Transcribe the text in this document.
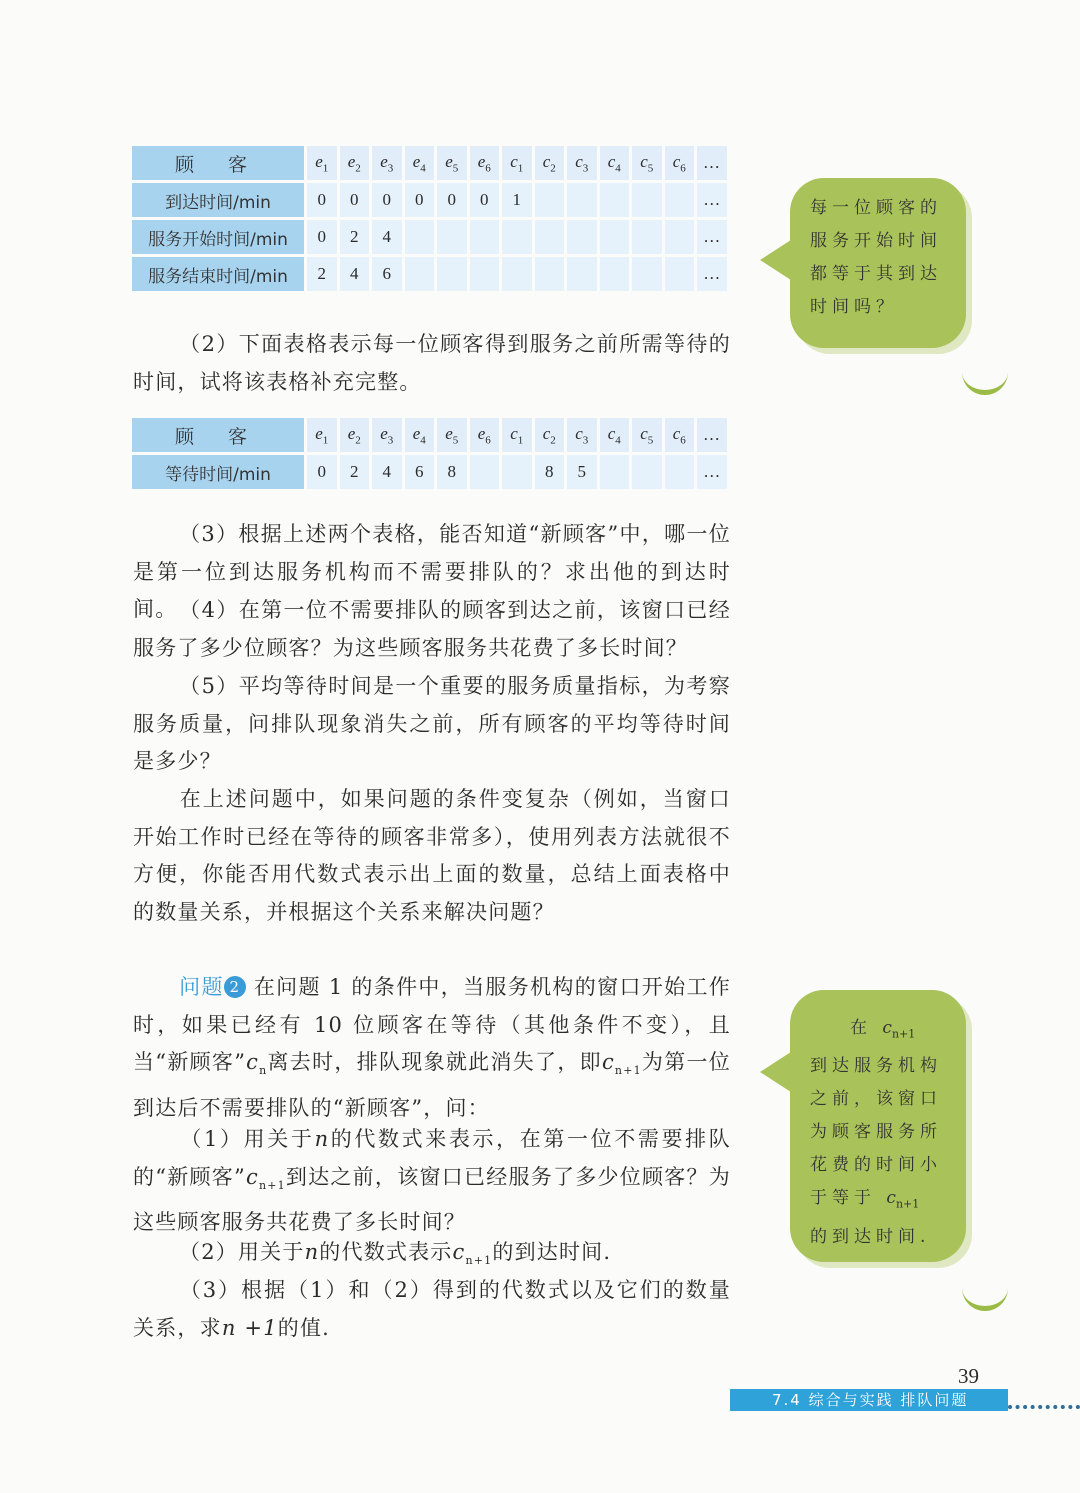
顾 客	$e_1$	$e_2$	$e_3$	$e_4$	$e_5$	$e_6$	$c_1$	$c_2$	$c_3$	$c_4$	$c_5$	$c_6$	…
到达时间/min	0	0	0	0	0	0	1						…
服务开始时间/min	0	2	4										…
服务结束时间/min	2	4	6										…
每一位顾客的服务开始时间都等于其到达时间吗？
（2）下面表格表示每一位顾客得到服务之前所需等待的时间，试将该表格补充完整。
顾 客	$e_1$	$e_2$	$e_3$	$e_4$	$e_5$	$e_6$	$c_1$	$c_2$	$c_3$	$c_4$	$c_5$	$c_6$	…
等待时间/min	0	2	4	6	8			8	5				…
（3）根据上述两个表格，能否知道“新顾客”中，哪一位是第一位到达服务机构而不需要排队的？求出他的到达时间。 （4）在第一位不需要排队的顾客到达之前，该窗口已经服务了多少位顾客？为这些顾客服务共花费了多长时间？
（5）平均等待时间是一个重要的服务质量指标，为考察服务质量，问排队现象消失之前，所有顾客的平均等待时间是多少？
在上述问题中，如果问题的条件变复杂（例如，当窗口开始工作时已经在等待的顾客非常多），使用列表方法就很不方便，你能否用代数式表示出上面的数量，总结上面表格中的数量关系，并根据这个关系来解决问题？
问题 2 在问题 1 的条件中，当服务机构的窗口开始工作时，如果已经有 10 位顾客在等待（其他条件不变），且当“新顾客$”c_n$离去时，排队现象就此消失了，即$c_{n+1}$为第一位到达后不需要排队的“新顾客”，问：
（1）用关于n的代数式来表示，在第一位不需要排队的“新顾客$”c_{n+1}$到达之前，该窗口已经服务了多少位顾客？为这些顾客服务共花费了多长时间？
（2）用关于n的代数式表示$c_{n+1}$的到达时间.
（3）根据（1）和（2）得到的代数式以及它们的数量关系，求n +1的值.
在 $c_{n+1}$ 到达服务机构之前，该窗口为顾客服务所花费的时间小于等于 $c_{n+1}$ 的到达时间.
39
7.4 综合与实践 排队问题
